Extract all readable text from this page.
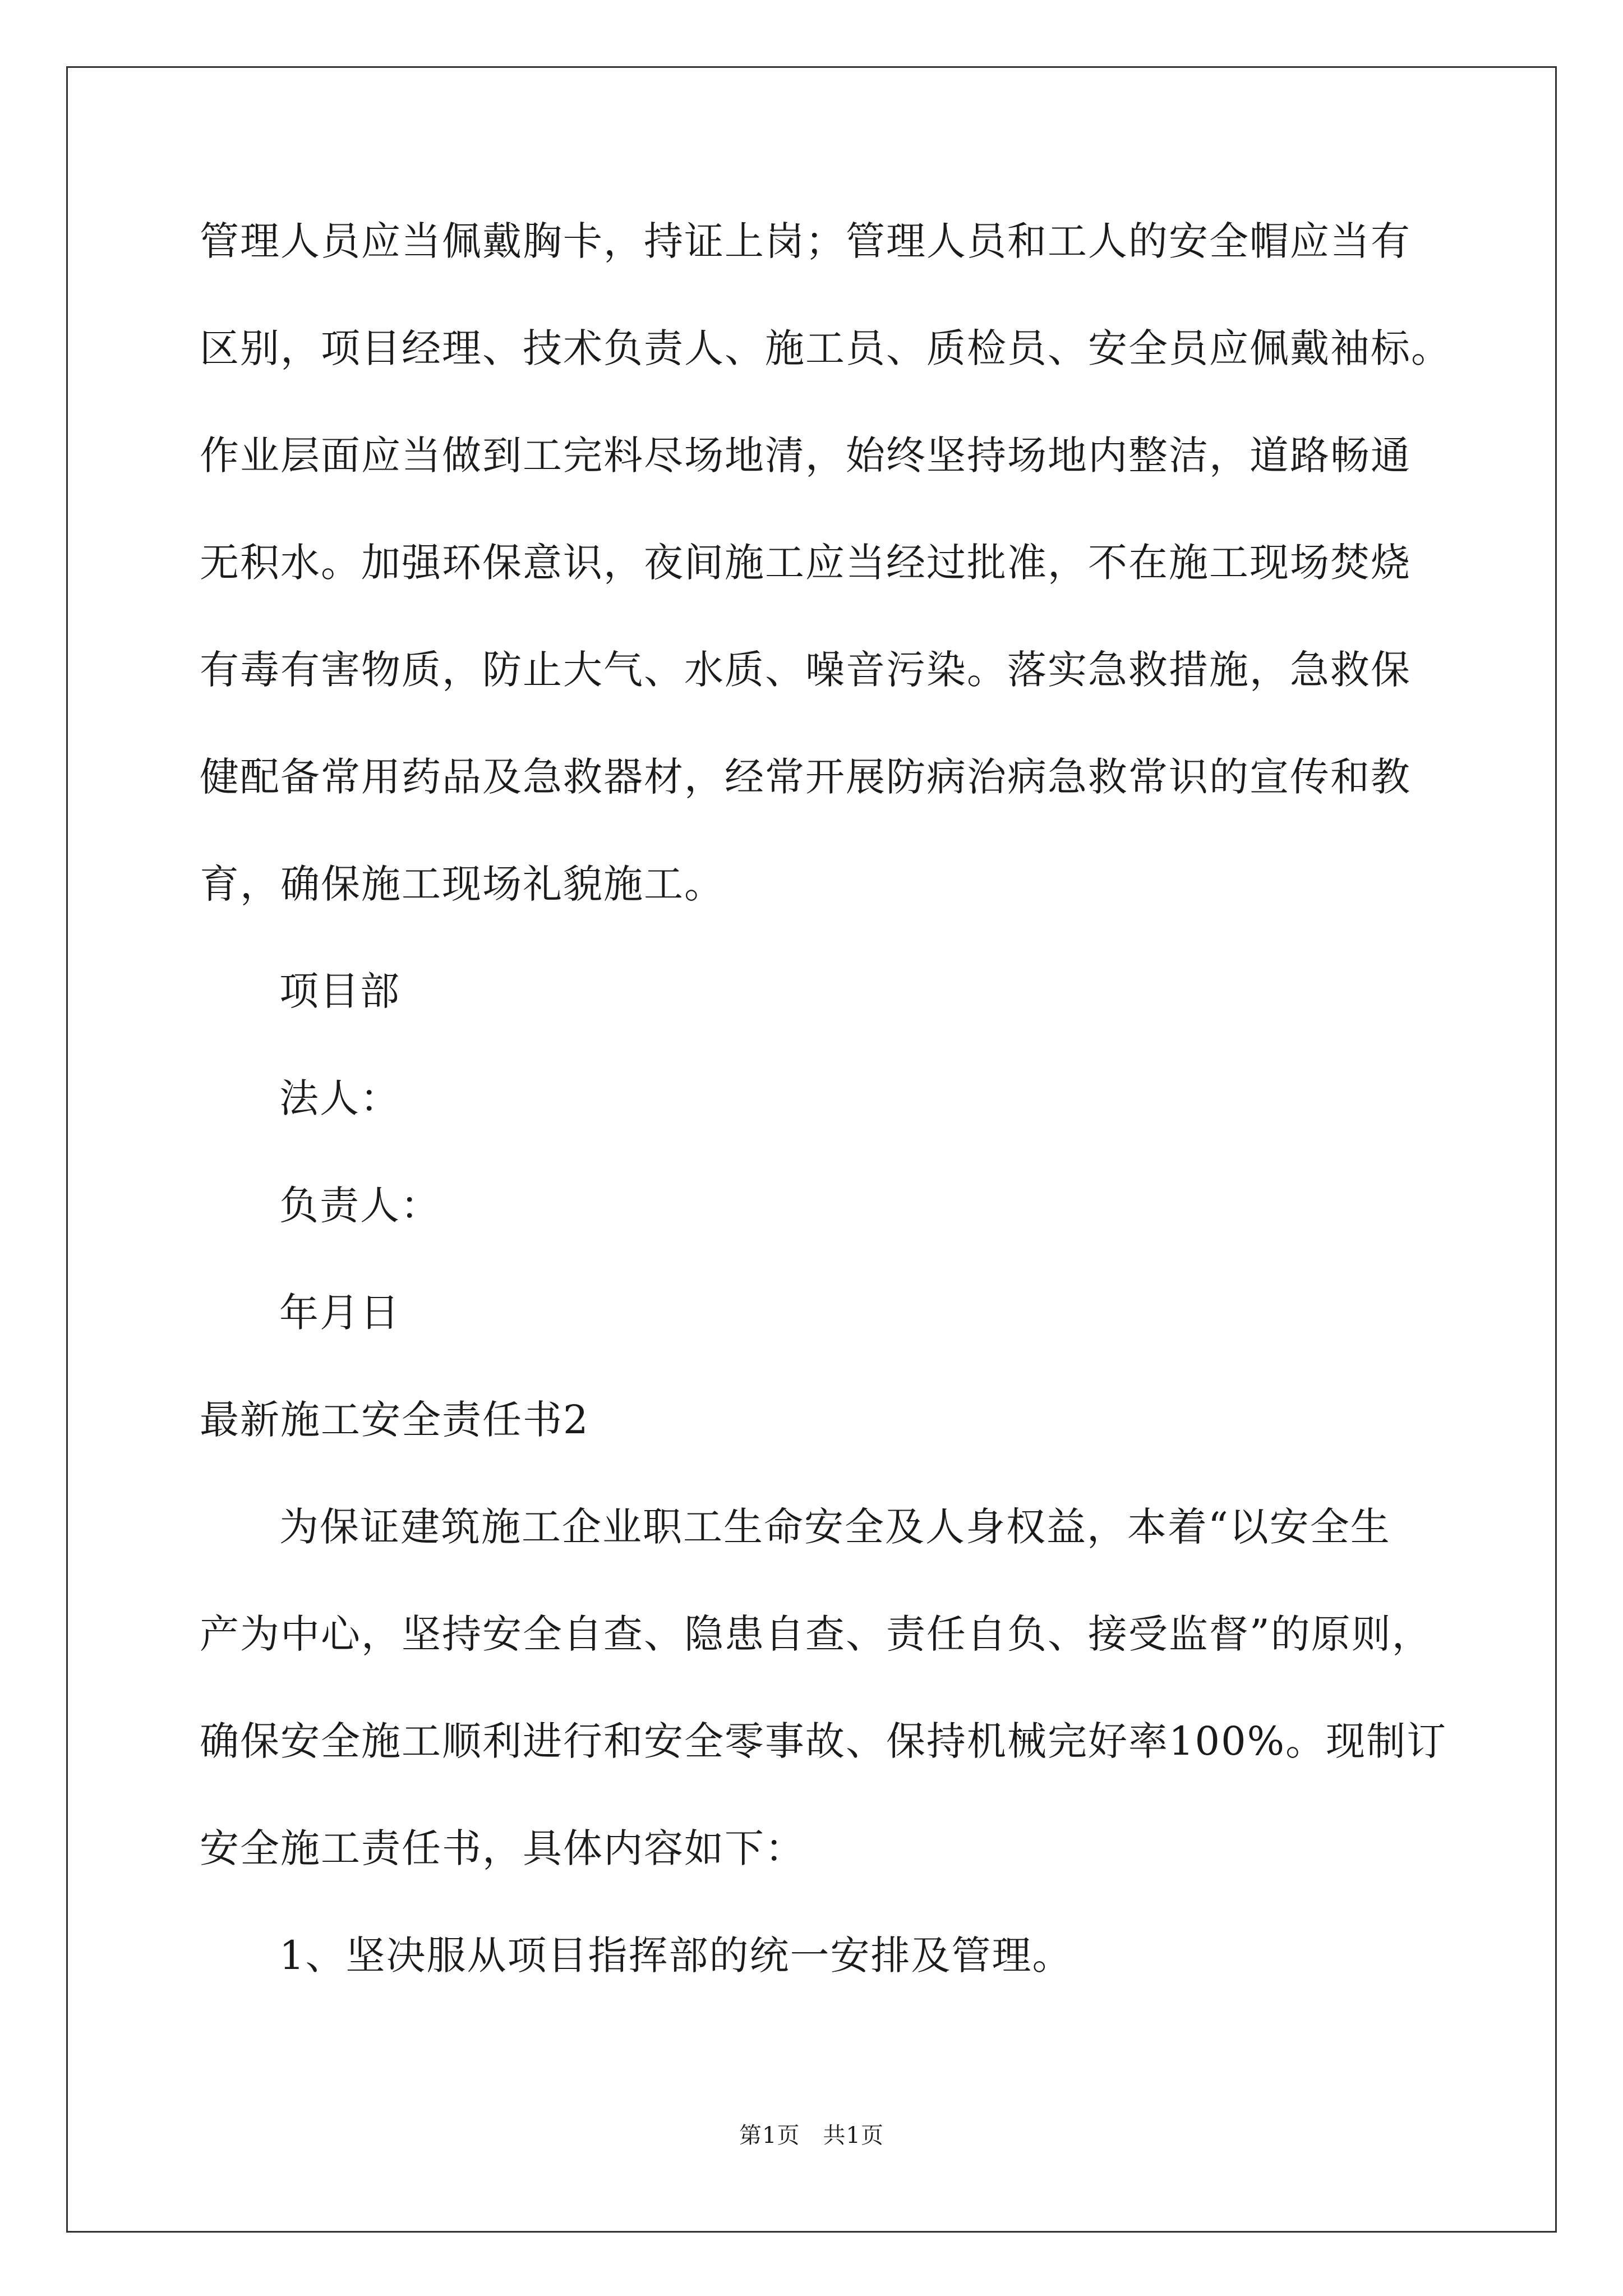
管理人员应当佩戴胸卡，持证上岗；管理人员和工人的安全帽应当有
区别，项目经理、技术负责人、施工员、质检员、安全员应佩戴袖标。
作业层面应当做到工完料尽场地清，始终坚持场地内整洁，道路畅通
无积水。加强环保意识，夜间施工应当经过批准，不在施工现场焚烧
有毒有害物质，防止大气、水质、噪音污染。落实急救措施，急救保
健配备常用药品及急救器材，经常开展防病治病急救常识的宣传和教
育，确保施工现场礼貌施工。
项目部
法人：
负责人：
年月日
最新施工安全责任书2
为保证建筑施工企业职工生命安全及人身权益，本着“以安全生
产为中心，坚持安全自查、隐患自查、责任自负、接受监督”的原则，
确保安全施工顺利进行和安全零事故、保持机械完好率100%。现制订
安全施工责任书，具体内容如下：
1、坚决服从项目指挥部的统一安排及管理。
第1页　共1页
